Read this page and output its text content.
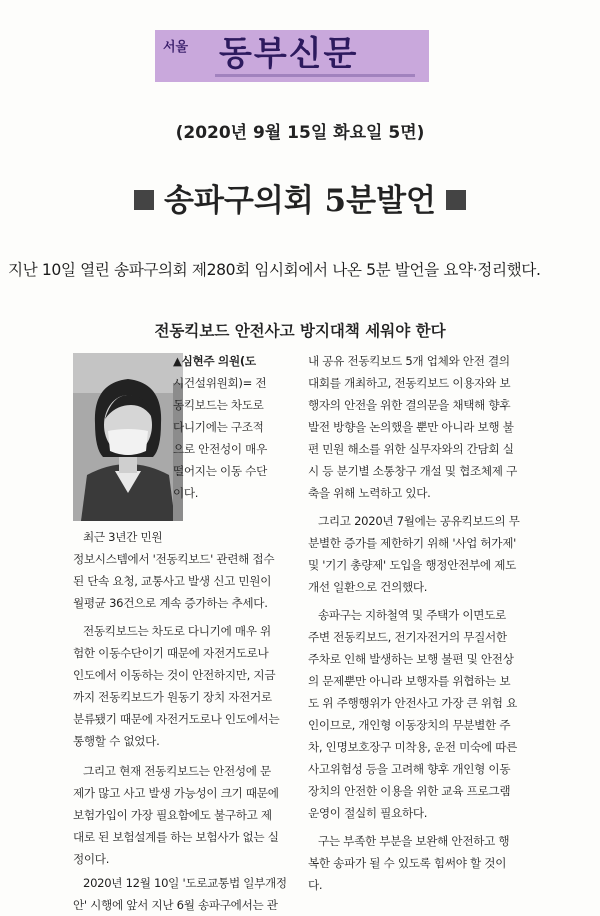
서울 동부신문
(2020년 9월 15일 화요일 5면)
송파구의회 5분발언
지난 10일 열린 송파구의회 제280회 임시회에서 나온 5분 발언을 요약·정리했다.
전동킥보드 안전사고 방지대책 세워야 한다
▲심현주 의원(도
시건설위원회)= 전
동킥보드는 차도로
다니기에는 구조적
으로 안전성이 매우
떨어지는 이동 수단
이다.
최근 3년간 민원
정보시스템에서 '전동킥보드' 관련해 접수
된 단속 요청, 교통사고 발생 신고 민원이
월평균 36건으로 계속 증가하는 추세다.
전동킥보드는 차도로 다니기에 매우 위
험한 이동수단이기 때문에 자전거도로나
인도에서 이동하는 것이 안전하지만, 지금
까지 전동킥보드가 원동기 장치 자전거로
분류됐기 때문에 자전거도로나 인도에서는
통행할 수 없었다.
그리고 현재 전동킥보드는 안전성에 문
제가 많고 사고 발생 가능성이 크기 때문에
보험가입이 가장 필요함에도 불구하고 제
대로 된 보험설계를 하는 보험사가 없는 실
정이다.
2020년 12월 10일 '도로교통법 일부개정
안' 시행에 앞서 지난 6월 송파구에서는 관
내 공유 전동킥보드 5개 업체와 안전 결의
대회를 개최하고, 전동킥보드 이용자와 보
행자의 안전을 위한 결의문을 채택해 향후
발전 방향을 논의했을 뿐만 아니라 보행 불
편 민원 해소를 위한 실무자와의 간담회 실
시 등 분기별 소통창구 개설 및 협조체제 구
축을 위해 노력하고 있다.
그리고 2020년 7월에는 공유킥보드의 무
분별한 증가를 제한하기 위해 '사업 허가제'
및 '기기 총량제' 도입을 행정안전부에 제도
개선 일환으로 건의했다.
송파구는 지하철역 및 주택가 이면도로
주변 전동킥보드, 전기자전거의 무질서한
주차로 인해 발생하는 보행 불편 및 안전상
의 문제뿐만 아니라 보행자를 위협하는 보
도 위 주행행위가 안전사고 가장 큰 위험 요
인이므로, 개인형 이동장치의 무분별한 주
차, 인명보호장구 미착용, 운전 미숙에 따른
사고위험성 등을 고려해 향후 개인형 이동
장치의 안전한 이용을 위한 교육 프로그램
운영이 절실히 필요하다.
구는 부족한 부분을 보완해 안전하고 행
복한 송파가 될 수 있도록 힘써야 할 것이
다.
